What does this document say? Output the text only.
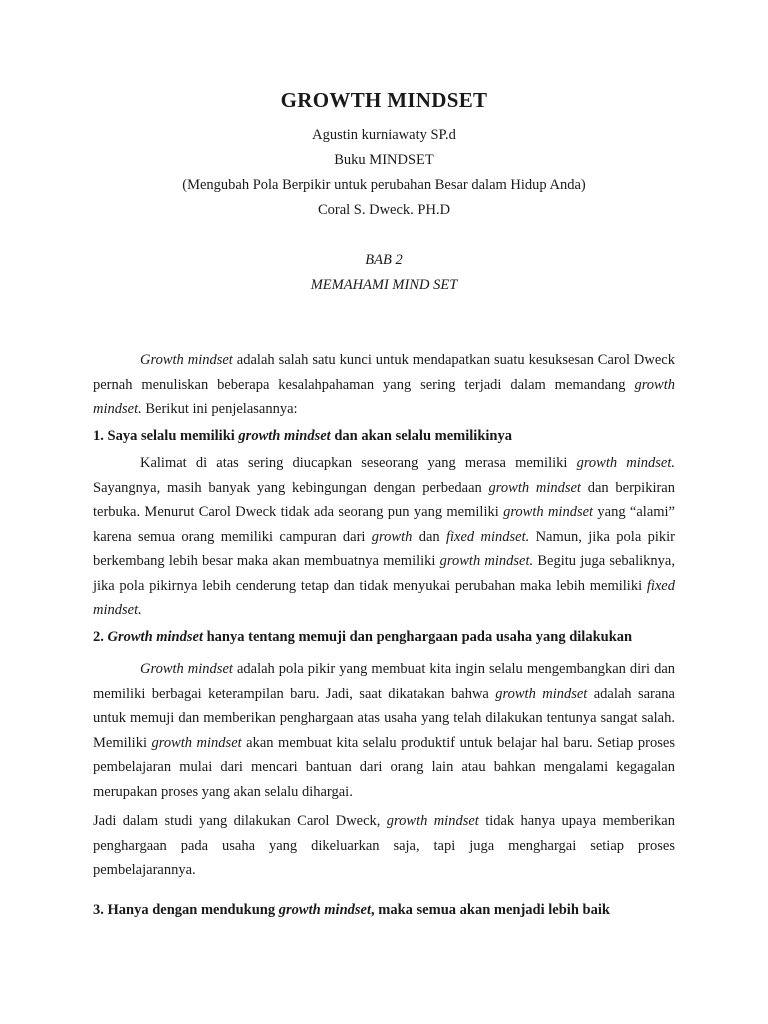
GROWTH MINDSET
Agustin kurniawaty SP.d
Buku MINDSET
(Mengubah Pola Berpikir untuk perubahan Besar dalam Hidup Anda)
Coral S. Dweck. PH.D
BAB 2
MEMAHAMI MIND SET

Growth mindset adalah salah satu kunci untuk mendapatkan suatu kesuksesan Carol Dweck pernah menuliskan beberapa kesalahpahaman yang sering terjadi dalam memandang growth mindset. Berikut ini penjelasannya:

1. Saya selalu memiliki growth mindset dan akan selalu memilikinya

Kalimat di atas sering diucapkan seseorang yang merasa memiliki growth mindset. Sayangnya, masih banyak yang kebingungan dengan perbedaan growth mindset dan berpikiran terbuka. Menurut Carol Dweck tidak ada seorang pun yang memiliki growth mindset yang “alami” karena semua orang memiliki campuran dari growth dan fixed mindset. Namun, jika pola pikir berkembang lebih besar maka akan membuatnya memiliki growth mindset. Begitu juga sebaliknya, jika pola pikirnya lebih cenderung tetap dan tidak menyukai perubahan maka lebih memiliki fixed mindset.

2. Growth mindset hanya tentang memuji dan penghargaan pada usaha yang dilakukan

Growth mindset adalah pola pikir yang membuat kita ingin selalu mengembangkan diri dan memiliki berbagai keterampilan baru. Jadi, saat dikatakan bahwa growth mindset adalah sarana untuk memuji dan memberikan penghargaan atas usaha yang telah dilakukan tentunya sangat salah. Memiliki growth mindset akan membuat kita selalu produktif untuk belajar hal baru. Setiap proses pembelajaran mulai dari mencari bantuan dari orang lain atau bahkan mengalami kegagalan merupakan proses yang akan selalu dihargai.

Jadi dalam studi yang dilakukan Carol Dweck, growth mindset tidak hanya upaya memberikan penghargaan pada usaha yang dikeluarkan saja, tapi juga menghargai setiap proses pembelajarannya.

3. Hanya dengan mendukung growth mindset, maka semua akan menjadi lebih baik
